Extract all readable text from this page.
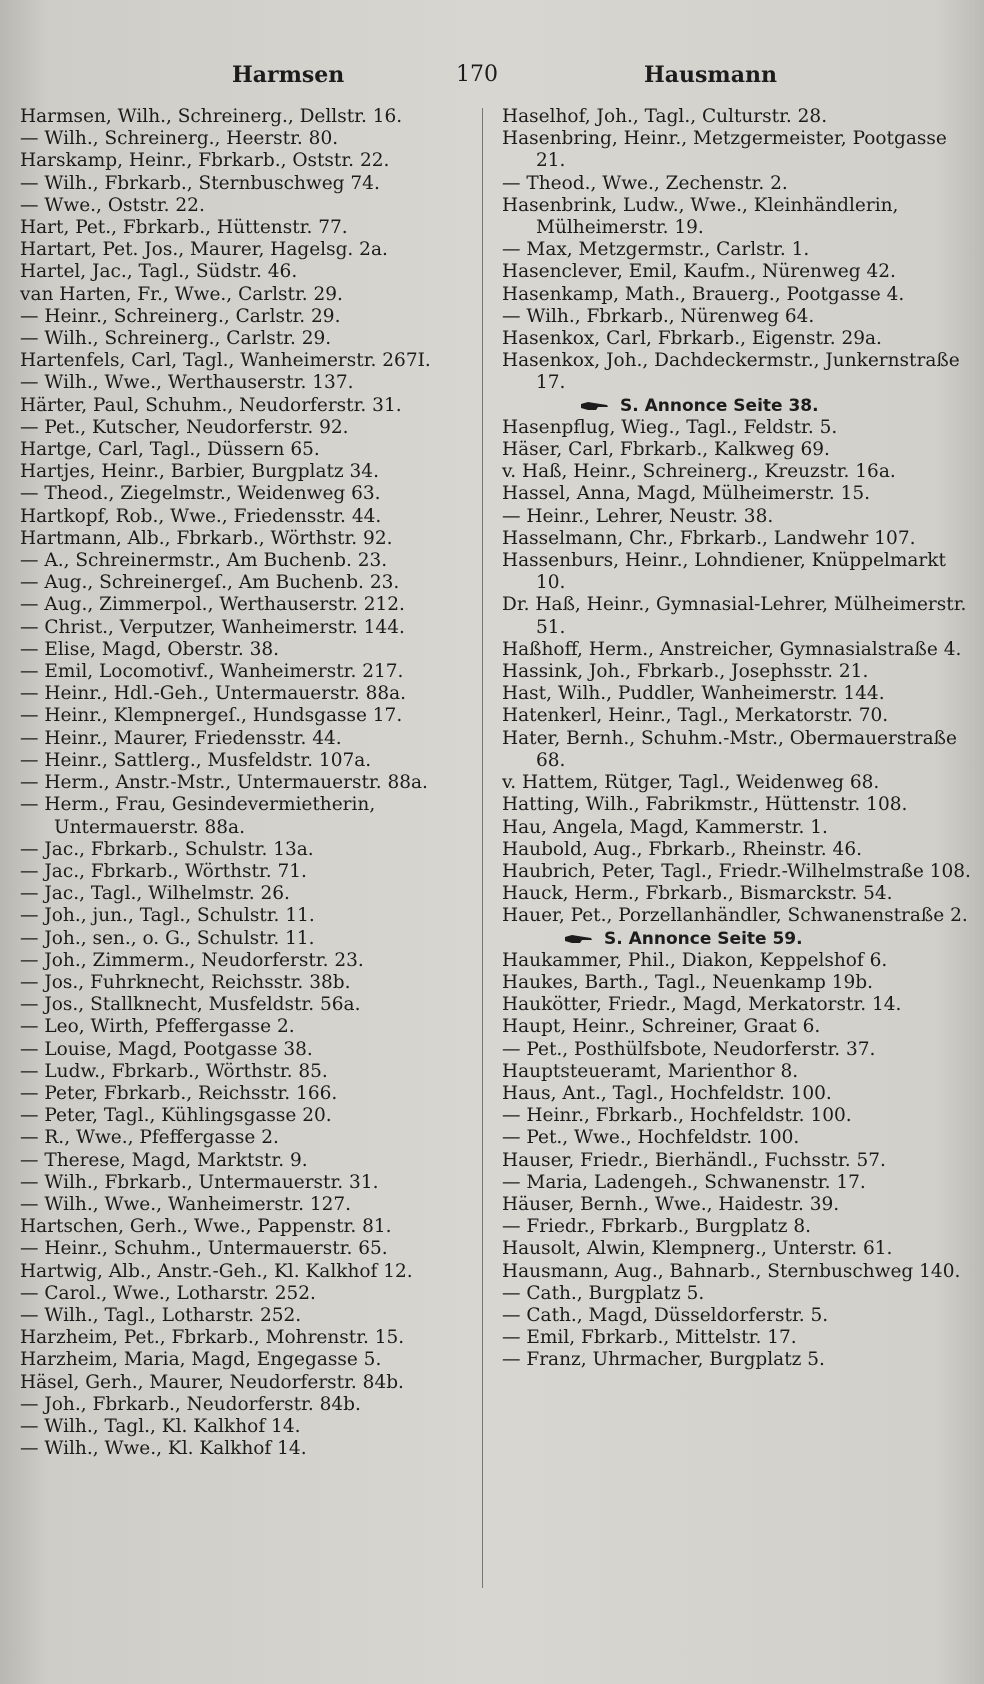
Harmsen	170	Hausmann
Harmsen, Wilh., Schreinerg., Dellstr. 16.
— Wilh., Schreinerg., Heerstr. 80.
Harskamp, Heinr., Fbrkarb., Oststr. 22.
— Wilh., Fbrkarb., Sternbuschweg 74.
— Wwe., Oststr. 22.
Hart, Pet., Fbrkarb., Hüttenstr. 77.
Hartart, Pet. Jos., Maurer, Hagelsg. 2a.
Hartel, Jac., Tagl., Südstr. 46.
van Harten, Fr., Wwe., Carlstr. 29.
— Heinr., Schreinerg., Carlstr. 29.
— Wilh., Schreinerg., Carlstr. 29.
Hartenfels, Carl, Tagl., Wanheimerstr. 267I.
— Wilh., Wwe., Werthauserstr. 137.
Härter, Paul, Schuhm., Neudorferstr. 31.
— Pet., Kutscher, Neudorferstr. 92.
Hartge, Carl, Tagl., Düssern 65.
Hartjes, Heinr., Barbier, Burgplatz 34.
— Theod., Ziegelmstr., Weidenweg 63.
Hartkopf, Rob., Wwe., Friedensstr. 44.
Hartmann, Alb., Fbrkarb., Wörthstr. 92.
— A., Schreinermstr., Am Buchenb. 23.
— Aug., Schreinergeſ., Am Buchenb. 23.
— Aug., Zimmerpol., Werthauserstr. 212.
— Christ., Verputzer, Wanheimerstr. 144.
— Elise, Magd, Oberstr. 38.
— Emil, Locomotivf., Wanheimerstr. 217.
— Heinr., Hdl.-Geh., Untermauerstr. 88a.
— Heinr., Klempnergeſ., Hundsgasse 17.
— Heinr., Maurer, Friedensstr. 44.
— Heinr., Sattlerg., Musfeldstr. 107a.
— Herm., Anstr.-Mstr., Untermauerstr. 88a.
— Herm., Frau, Gesindevermietherin, Untermauerstr. 88a.
— Jac., Fbrkarb., Schulstr. 13a.
— Jac., Fbrkarb., Wörthstr. 71.
— Jac., Tagl., Wilhelmstr. 26.
— Joh., jun., Tagl., Schulstr. 11.
— Joh., sen., o. G., Schulstr. 11.
— Joh., Zimmerm., Neudorferstr. 23.
— Jos., Fuhrknecht, Reichsstr. 38b.
— Jos., Stallknecht, Musfeldstr. 56a.
— Leo, Wirth, Pfeffergasse 2.
— Louise, Magd, Pootgasse 38.
— Ludw., Fbrkarb., Wörthstr. 85.
— Peter, Fbrkarb., Reichsstr. 166.
— Peter, Tagl., Kühlingsgasse 20.
— R., Wwe., Pfeffergasse 2.
— Therese, Magd, Marktstr. 9.
— Wilh., Fbrkarb., Untermauerstr. 31.
— Wilh., Wwe., Wanheimerstr. 127.
Hartschen, Gerh., Wwe., Pappenstr. 81.
— Heinr., Schuhm., Untermauerstr. 65.
Hartwig, Alb., Anstr.-Geh., Kl. Kalkhof 12.
— Carol., Wwe., Lotharstr. 252.
— Wilh., Tagl., Lotharstr. 252.
Harzheim, Pet., Fbrkarb., Mohrenstr. 15.
Harzheim, Maria, Magd, Engegasse 5.
Häsel, Gerh., Maurer, Neudorferstr. 84b.
— Joh., Fbrkarb., Neudorferstr. 84b.
— Wilh., Tagl., Kl. Kalkhof 14.
— Wilh., Wwe., Kl. Kalkhof 14.
Haselhof, Joh., Tagl., Culturstr. 28.
Hasenbring, Heinr., Metzgermeister, Pootgasse 21.
— Theod., Wwe., Zechenstr. 2.
Hasenbrink, Ludw., Wwe., Kleinhändlerin, Mülheimerstr. 19.
— Max, Metzgermstr., Carlstr. 1.
Hasenclever, Emil, Kaufm., Nürenweg 42.
Hasenkamp, Math., Brauerg., Pootgasse 4.
— Wilh., Fbrkarb., Nürenweg 64.
Hasenkox, Carl, Fbrkarb., Eigenstr. 29a.
Hasenkox, Joh., Dachdeckermstr., Junkernstraße 17.
S. Annonce Seite 38.
Hasenpflug, Wieg., Tagl., Feldstr. 5.
Häser, Carl, Fbrkarb., Kalkweg 69.
v. Haß, Heinr., Schreinerg., Kreuzstr. 16a.
Hassel, Anna, Magd, Mülheimerstr. 15.
— Heinr., Lehrer, Neustr. 38.
Hasselmann, Chr., Fbrkarb., Landwehr 107.
Hassenburs, Heinr., Lohndiener, Knüppelmarkt 10.
Dr. Haß, Heinr., Gymnasial-Lehrer, Mülheimerstr. 51.
Haßhoff, Herm., Anstreicher, Gymnasialstraße 4.
Hassink, Joh., Fbrkarb., Josephsstr. 21.
Hast, Wilh., Puddler, Wanheimerstr. 144.
Hatenkerl, Heinr., Tagl., Merkatorstr. 70.
Hater, Bernh., Schuhm.-Mstr., Obermauerstraße 68.
v. Hattem, Rütger, Tagl., Weidenweg 68.
Hatting, Wilh., Fabrikmstr., Hüttenstr. 108.
Hau, Angela, Magd, Kammerstr. 1.
Haubold, Aug., Fbrkarb., Rheinstr. 46.
Haubrich, Peter, Tagl., Friedr.-Wilhelmstraße 108.
Hauck, Herm., Fbrkarb., Bismarckstr. 54.
Hauer, Pet., Porzellanhändler, Schwanenstraße 2.
S. Annonce Seite 59.
Haukammer, Phil., Diakon, Keppelshof 6.
Haukes, Barth., Tagl., Neuenkamp 19b.
Haukötter, Friedr., Magd, Merkatorstr. 14.
Haupt, Heinr., Schreiner, Graat 6.
— Pet., Posthülfsbote, Neudorferstr. 37.
Hauptsteueramt, Marienthor 8.
Haus, Ant., Tagl., Hochfeldstr. 100.
— Heinr., Fbrkarb., Hochfeldstr. 100.
— Pet., Wwe., Hochfeldstr. 100.
Hauser, Friedr., Bierhändl., Fuchsstr. 57.
— Maria, Ladengeh., Schwanenstr. 17.
Häuser, Bernh., Wwe., Haidestr. 39.
— Friedr., Fbrkarb., Burgplatz 8.
Hausolt, Alwin, Klempnerg., Unterstr. 61.
Hausmann, Aug., Bahnarb., Sternbuschweg 140.
— Cath., Burgplatz 5.
— Cath., Magd, Düsseldorferstr. 5.
— Emil, Fbrkarb., Mittelstr. 17.
— Franz, Uhrmacher, Burgplatz 5.
